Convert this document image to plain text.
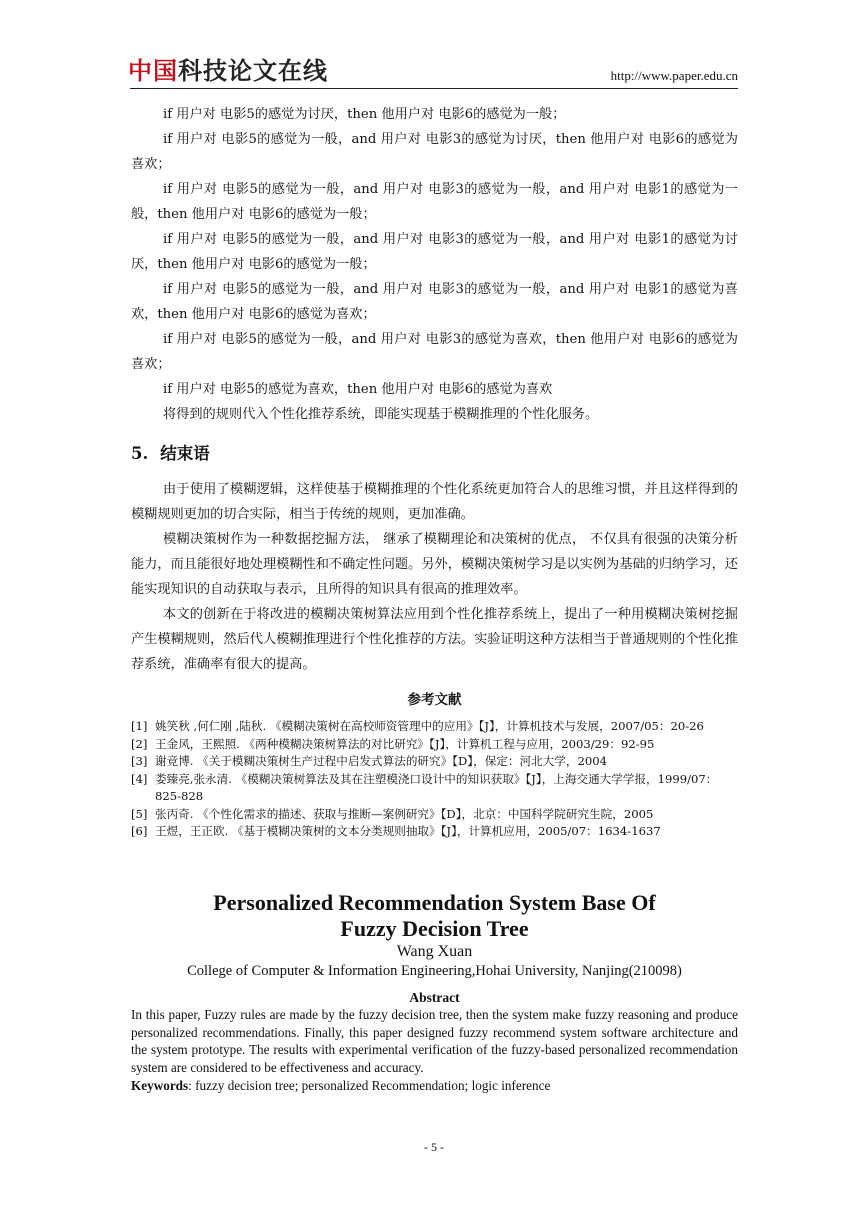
中国科技论文在线	http://www.paper.edu.cn

if 用户对 电影5的感觉为讨厌，then 他用户对 电影6的感觉为一般；

if 用户对 电影5的感觉为一般，and 用户对 电影3的感觉为讨厌，then 他用户对 电影6的感觉为喜欢；

if 用户对 电影5的感觉为一般，and 用户对 电影3的感觉为一般，and 用户对 电影1的感觉为一般，then 他用户对 电影6的感觉为一般；

if 用户对 电影5的感觉为一般，and 用户对 电影3的感觉为一般，and 用户对 电影1的感觉为讨厌，then 他用户对 电影6的感觉为一般；

if 用户对 电影5的感觉为一般，and 用户对 电影3的感觉为一般，and 用户对 电影1的感觉为喜欢，then 他用户对 电影6的感觉为喜欢；

if 用户对 电影5的感觉为一般，and 用户对 电影3的感觉为喜欢，then 他用户对 电影6的感觉为喜欢；

if 用户对 电影5的感觉为喜欢，then 他用户对 电影6的感觉为喜欢

将得到的规则代入个性化推荐系统，即能实现基于模糊推理的个性化服务。

5. 结束语

由于使用了模糊逻辑，这样使基于模糊推理的个性化系统更加符合人的思维习惯，并且这样得到的模糊规则更加的切合实际，相当于传统的规则，更加准确。

模糊决策树作为一种数据挖掘方法， 继承了模糊理论和决策树的优点， 不仅具有很强的决策分析能力，而且能很好地处理模糊性和不确定性问题。另外，模糊决策树学习是以实例为基础的归纳学习，还能实现知识的自动获取与表示，且所得的知识具有很高的推理效率。

本文的创新在于将改进的模糊决策树算法应用到个性化推荐系统上，提出了一种用模糊决策树挖掘产生模糊规则，然后代人模糊推理进行个性化推荐的方法。实验证明这种方法相当于普通规则的个性化推荐系统，准确率有很大的提高。

参考文献

[1] 姚笑秋 ,何仁刚 ,陆秋. 《模糊决策树在高校师资管理中的应用》【J】，计算机技术与发展，2007/05：20-26

[2] 王金风，王熙照. 《两种模糊决策树算法的对比研究》【J】，计算机工程与应用，2003/29：92-95

[3] 谢竞博. 《关于模糊决策树生产过程中启发式算法的研究》【D】，保定：河北大学，2004

[4] 娄臻亮,张永清. 《模糊决策树算法及其在注塑模浇口设计中的知识获取》【J】，上海交通大学学报，1999/07：825-828

[5] 张丙奇. 《个性化需求的描述、获取与推断—案例研究》【D】，北京：中国科学院研究生院，2005

[6] 王煜，王正欧. 《基于模糊决策树的文本分类规则抽取》【J】，计算机应用，2005/07：1634-1637

Personalized Recommendation System Base Of
Fuzzy Decision Tree
Wang Xuan
College of Computer & Information Engineering,Hohai University, Nanjing(210098)
Abstract

In this paper, Fuzzy rules are made by the fuzzy decision tree, then the system make fuzzy reasoning and produce personalized recommendations. Finally, this paper designed fuzzy recommend system software architecture and the system prototype. The results with experimental verification of the fuzzy-based personalized recommendation system are considered to be effectiveness and accuracy.

Keywords: fuzzy decision tree; personalized Recommendation; logic inference
- 5 -
